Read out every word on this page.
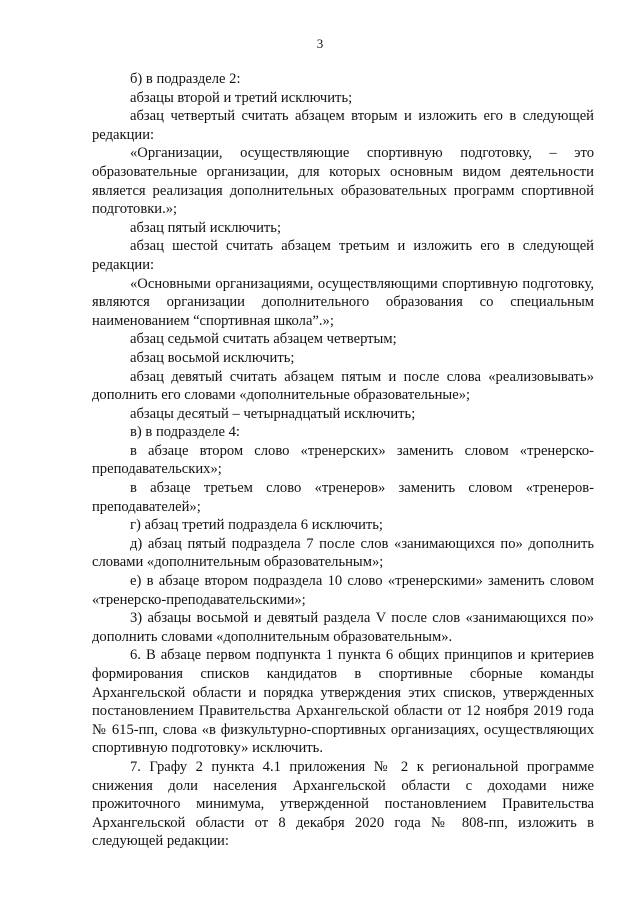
3

б) в подразделе 2:

абзацы второй и третий исключить;

абзац четвертый считать абзацем вторым и изложить его в следующей редакции:

«Организации, осуществляющие спортивную подготовку, – это образовательные организации, для которых основным видом деятельности является реализация дополнительных образовательных программ спортивной подготовки.»;

абзац пятый исключить;

абзац шестой считать абзацем третьим и изложить его в следующей редакции:

«Основными организациями, осуществляющими спортивную подготовку, являются организации дополнительного образования со специальным наименованием “спортивная школа”.»;

абзац седьмой считать абзацем четвертым;

абзац восьмой исключить;

абзац девятый считать абзацем пятым и после слова «реализовывать» дополнить его словами «дополнительные образовательные»;

абзацы десятый – четырнадцатый исключить;

в) в подразделе 4:

в абзаце втором слово «тренерских» заменить словом «тренерско-преподавательских»;

в абзаце третьем слово «тренеров» заменить словом «тренеров-преподавателей»;

г) абзац третий подраздела 6 исключить;

д) абзац пятый подраздела 7 после слов «занимающихся по» дополнить словами «дополнительным образовательным»;

е) в абзаце втором подраздела 10 слово «тренерскими» заменить словом «тренерско-преподавательскими»;

3) абзацы восьмой и девятый раздела V после слов «занимающихся по» дополнить словами «дополнительным образовательным».

6. В абзаце первом подпункта 1 пункта 6 общих принципов и критериев формирования списков кандидатов в спортивные сборные команды Архангельской области и порядка утверждения этих списков, утвержденных постановлением Правительства Архангельской области от 12 ноября 2019 года № 615-пп, слова «в физкультурно-спортивных организациях, осуществляющих спортивную подготовку» исключить.

7. Графу 2 пункта 4.1 приложения № 2 к региональной программе снижения доли населения Архангельской области с доходами ниже прожиточного минимума, утвержденной постановлением Правительства Архангельской области от 8 декабря 2020 года № 808-пп, изложить в следующей редакции:
